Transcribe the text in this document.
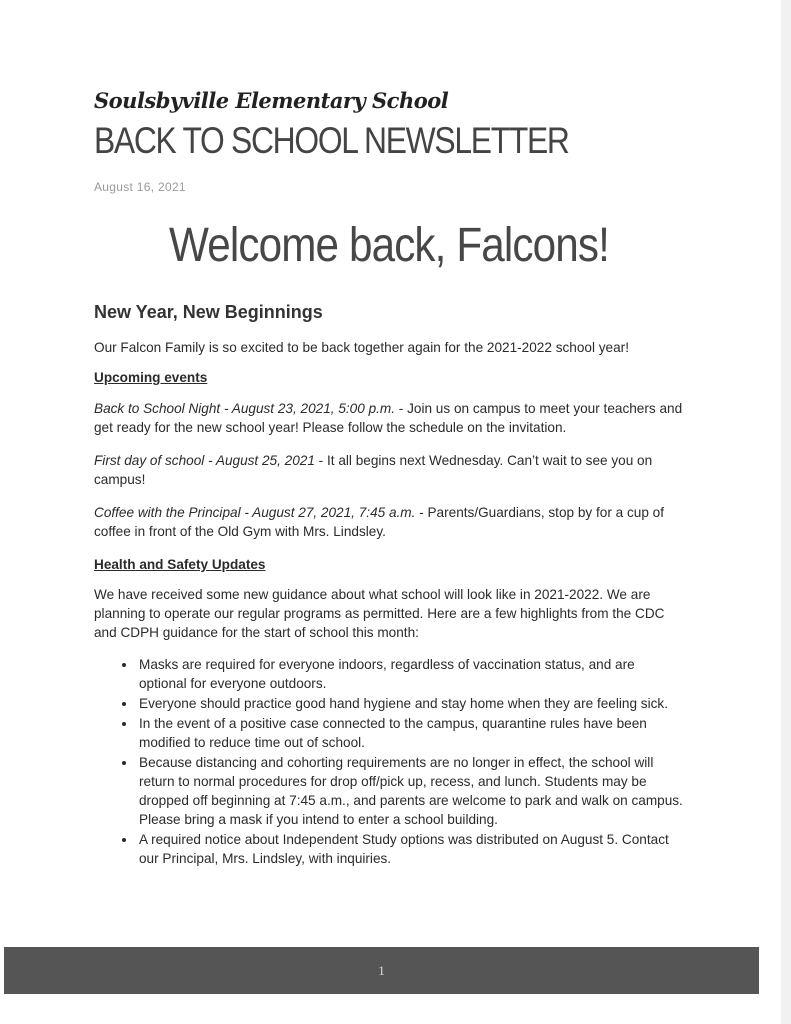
Soulsbyville Elementary School
BACK TO SCHOOL NEWSLETTER
August 16, 2021
Welcome back, Falcons!
New Year, New Beginnings

Our Falcon Family is so excited to be back together again for the 2021-2022 school year!

Upcoming events

Back to School Night - August 23, 2021, 5:00 p.m. - Join us on campus to meet your teachers and get ready for the new school year! Please follow the schedule on the invitation.

First day of school - August 25, 2021 - It all begins next Wednesday. Can’t wait to see you on campus!

Coffee with the Principal - August 27, 2021, 7:45 a.m. - Parents/Guardians, stop by for a cup of coffee in front of the Old Gym with Mrs. Lindsley.

Health and Safety Updates

We have received some new guidance about what school will look like in 2021-2022. We are planning to operate our regular programs as permitted. Here are a few highlights from the CDC and CDPH guidance for the start of school this month:

• Masks are required for everyone indoors, regardless of vaccination status, and are optional for everyone outdoors.
• Everyone should practice good hand hygiene and stay home when they are feeling sick.
• In the event of a positive case connected to the campus, quarantine rules have been modified to reduce time out of school.
• Because distancing and cohorting requirements are no longer in effect, the school will return to normal procedures for drop off/pick up, recess, and lunch. Students may be dropped off beginning at 7:45 a.m., and parents are welcome to park and walk on campus. Please bring a mask if you intend to enter a school building.
• A required notice about Independent Study options was distributed on August 5. Contact our Principal, Mrs. Lindsley, with inquiries.
1
